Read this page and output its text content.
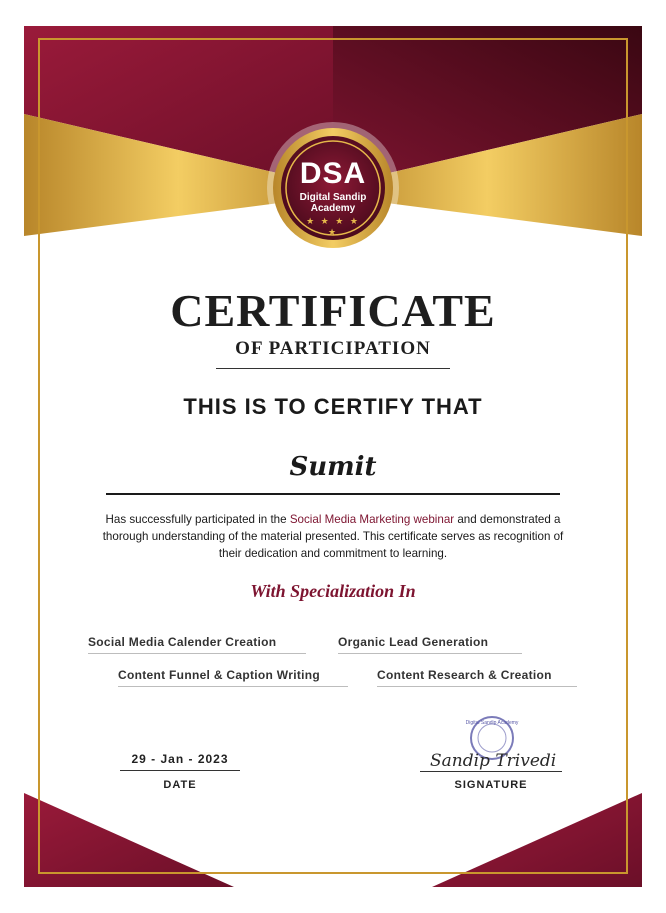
DSA
Digital Sandip
Academy
★ ★ ★ ★ ★
CERTIFICATE
OF PARTICIPATION
THIS IS TO CERTIFY THAT
Sumit
Has successfully participated in the Social Media Marketing webinar and demonstrated a thorough understanding of the material presented. This certificate serves as recognition of their dedication and commitment to learning.
With Specialization In
Social Media Calender Creation	Organic Lead Generation
Content Funnel & Caption Writing	Content Research & Creation
29 - Jan - 2023
DATE
Digital Sandip Academy
Sandip Trivedi
SIGNATURE
